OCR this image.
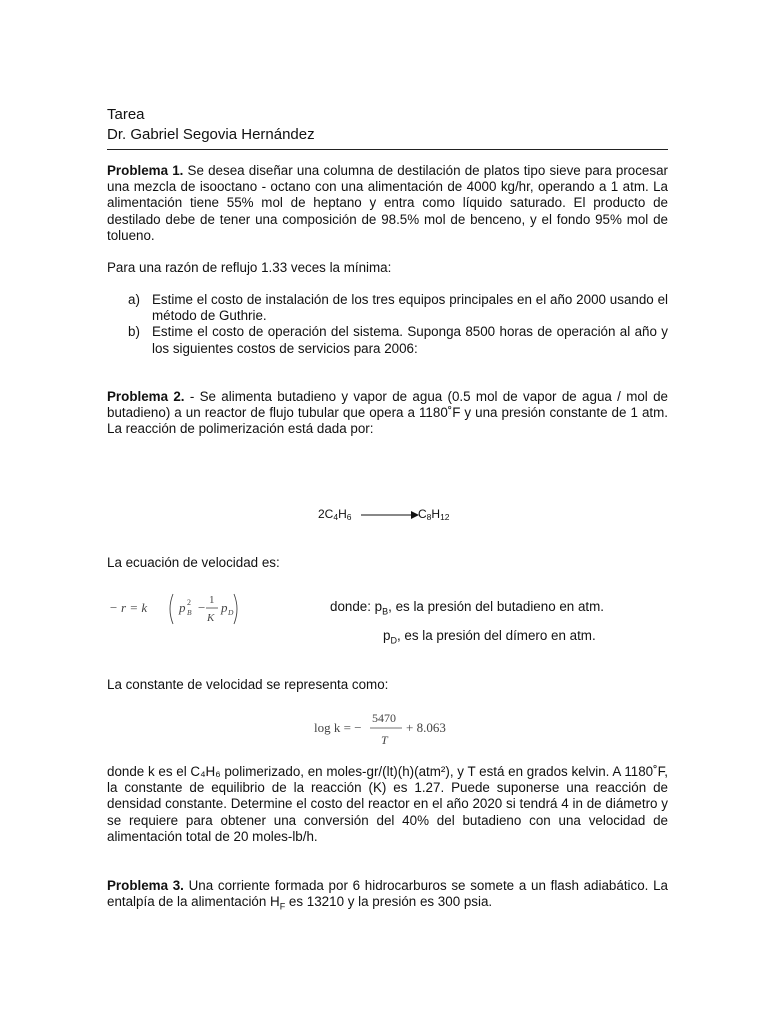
Tarea
Dr. Gabriel Segovia Hernández
Problema 1. Se desea diseñar una columna de destilación de platos tipo sieve para procesar una mezcla de isooctano - octano con una alimentación de 4000 kg/hr, operando a 1 atm. La alimentación tiene 55% mol de heptano y entra como líquido saturado. El producto de destilado debe de tener una composición de 98.5% mol de benceno, y el fondo 95% mol de tolueno.
Para una razón de reflujo 1.33 veces la mínima:
a) Estime el costo de instalación de los tres equipos principales en el año 2000 usando el método de Guthrie.
b) Estime el costo de operación del sistema. Suponga 8500 horas de operación al año y los siguientes costos de servicios para 2006:
Problema 2. - Se alimenta butadieno y vapor de agua (0.5 mol de vapor de agua / mol de butadieno) a un reactor de flujo tubular que opera a 1180˚F y una presión constante de 1 atm. La reacción de polimerización está dada por:
$2C_4H_6 \to C_8H_{12}$
La ecuación de velocidad es:
− r = k p B
2 − 1
K
p D	donde: $p_B$, es la presión del butadieno en atm.
$p_D$, es la presión del dímero en atm.
La constante de velocidad se representa como:
log k = −
5470
T
+ 8.063
donde k es el C₄H₆ polimerizado, en moles-gr/(lt)(h)(atm²), y T está en grados kelvin. A 1180˚F, la constante de equilibrio de la reacción (K) es 1.27. Puede suponerse una reacción de densidad constante. Determine el costo del reactor en el año 2020 si tendrá 4 in de diámetro y se requiere para obtener una conversión del 40% del butadieno con una velocidad de alimentación total de 20 moles-lb/h.
Problema 3. Una corriente formada por 6 hidrocarburos se somete a un flash adiabático. La entalpía de la alimentación $H_F$ es 13210 y la presión es 300 psia.
